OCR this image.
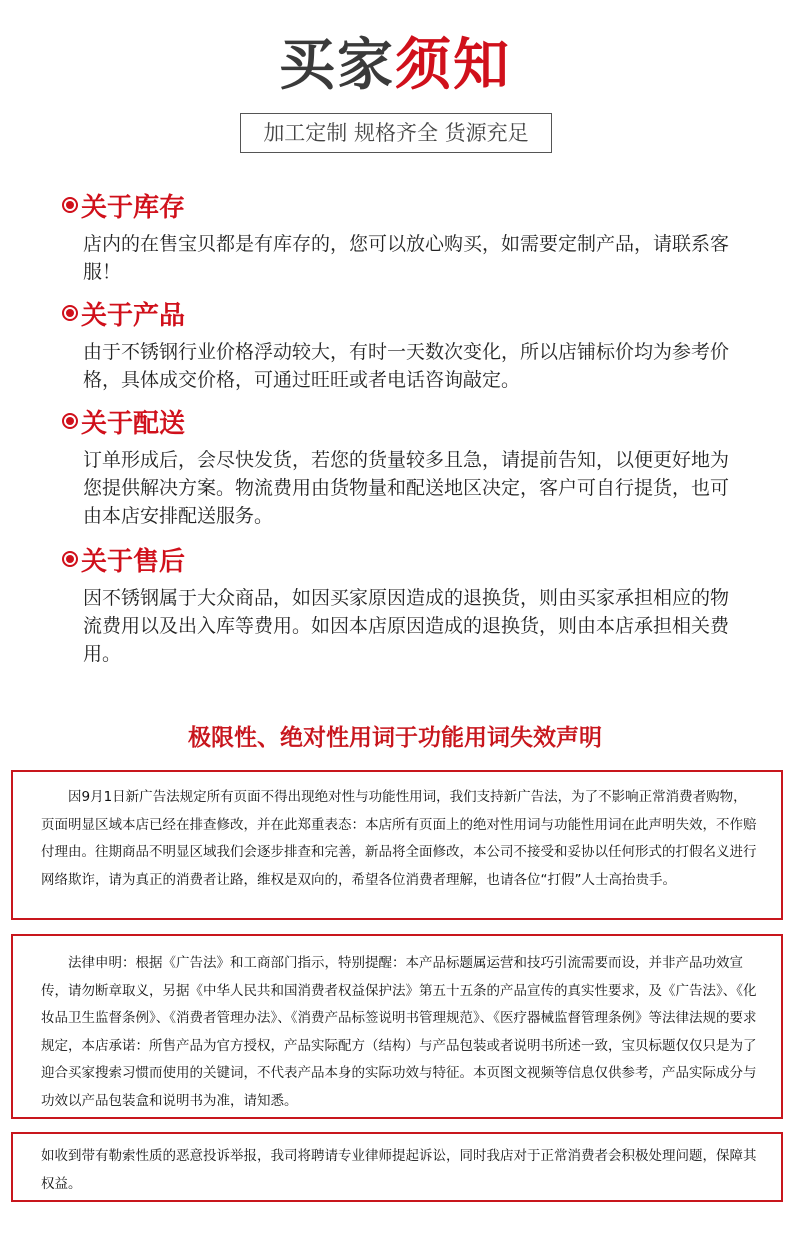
买家须知
加工定制 规格齐全 货源充足
关于库存
店内的在售宝贝都是有库存的，您可以放心购买，如需要定制产品，请联系客服！
关于产品
由于不锈钢行业价格浮动较大，有时一天数次变化，所以店铺标价均为参考价格，具体成交价格，可通过旺旺或者电话咨询敲定。
关于配送
订单形成后，会尽快发货，若您的货量较多且急，请提前告知，以便更好地为您提供解决方案。物流费用由货物量和配送地区决定，客户可自行提货，也可由本店安排配送服务。
关于售后
因不锈钢属于大众商品，如因买家原因造成的退换货，则由买家承担相应的物流费用以及出入库等费用。如因本店原因造成的退换货，则由本店承担相关费用。
极限性、绝对性用词于功能用词失效声明

因9月1日新广告法规定所有页面不得出现绝对性与功能性用词，我们支持新广告法，为了不影响正常消费者购物，页面明显区域本店已经在排查修改，并在此郑重表态：本店所有页面上的绝对性用词与功能性用词在此声明失效，不作赔付理由。往期商品不明显区域我们会逐步排查和完善，新品将全面修改，本公司不接受和妥协以任何形式的打假名义进行网络欺诈，请为真正的消费者让路，维权是双向的，希望各位消费者理解，也请各位“打假”人士高抬贵手。

法律申明：根据《广告法》和工商部门指示，特别提醒：本产品标题属运营和技巧引流需要而设，并非产品功效宣传，请勿断章取义，另据《中华人民共和国消费者权益保护法》第五十五条的产品宣传的真实性要求，及《广告法》、《化妆品卫生监督条例》、《消费者管理办法》、《消费产品标签说明书管理规范》、《医疗器械监督管理条例》等法律法规的要求规定，本店承诺：所售产品为官方授权，产品实际配方（结构）与产品包装或者说明书所述一致，宝贝标题仅仅只是为了迎合买家搜索习惯而使用的关键词，不代表产品本身的实际功效与特征。本页图文视频等信息仅供参考，产品实际成分与功效以产品包装盒和说明书为准，请知悉。

如收到带有勒索性质的恶意投诉举报，我司将聘请专业律师提起诉讼，同时我店对于正常消费者会积极处理问题，保障其权益。
